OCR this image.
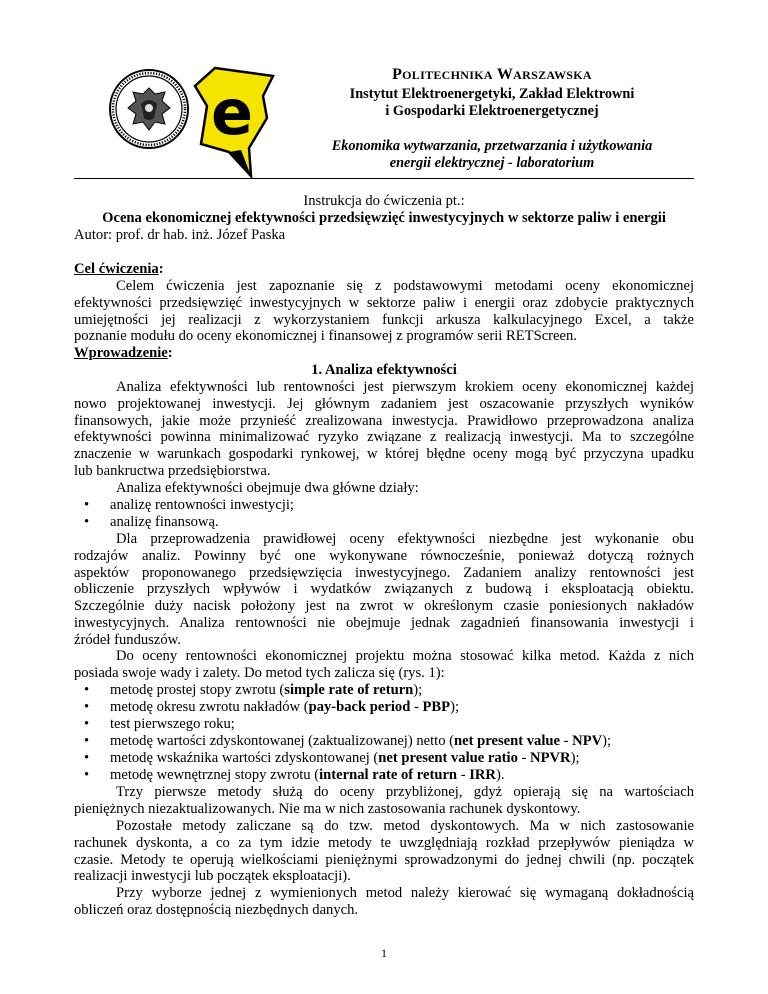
e
POLITECHNIKA WARSZAWSKA
Instytut Elektroenergetyki, Zakład Elektrowni
i Gospodarki Elektroenergetycznej
Ekonomika wytwarzania, przetwarzania i użytkowania
energii elektrycznej - laboratorium
Instrukcja do ćwiczenia pt.:
Ocena ekonomicznej efektywności przedsięwzięć inwestycyjnych w sektorze paliw i energii
Autor: prof. dr hab. inż. Józef Paska
Cel ćwiczenia:
Celem ćwiczenia jest zapoznanie się z podstawowymi metodami oceny ekonomicznej
efektywności przedsięwzięć inwestycyjnych w sektorze paliw i energii oraz zdobycie praktycznych
umiejętności jej realizacji z wykorzystaniem funkcji arkusza kalkulacyjnego Excel, a także
poznanie modułu do oceny ekonomicznej i finansowej z programów serii RETScreen.
Wprowadzenie:
1. Analiza efektywności
Analiza efektywności lub rentowności jest pierwszym krokiem oceny ekonomicznej każdej
nowo projektowanej inwestycji. Jej głównym zadaniem jest oszacowanie przyszłych wyników
finansowych, jakie może przynieść zrealizowana inwestycja. Prawidłowo przeprowadzona analiza
efektywności powinna minimalizować ryzyko związane z realizacją inwestycji. Ma to szczególne
znaczenie w warunkach gospodarki rynkowej, w której błędne oceny mogą być przyczyna upadku
lub bankructwa przedsiębiorstwa.
Analiza efektywności obejmuje dwa główne działy:
• analizę rentowności inwestycji;
• analizę finansową.
Dla przeprowadzenia prawidłowej oceny efektywności niezbędne jest wykonanie obu
rodzajów analiz. Powinny być one wykonywane równocześnie, ponieważ dotyczą rożnych
aspektów proponowanego przedsięwzięcia inwestycyjnego. Zadaniem analizy rentowności jest
obliczenie przyszłych wpływów i wydatków związanych z budową i eksploatacją obiektu.
Szczególnie duży nacisk położony jest na zwrot w określonym czasie poniesionych nakładów
inwestycyjnych. Analiza rentowności nie obejmuje jednak zagadnień finansowania inwestycji i
źródeł funduszów.
Do oceny rentowności ekonomicznej projektu można stosować kilka metod. Każda z nich
posiada swoje wady i zalety. Do metod tych zalicza się (rys. 1):
• metodę prostej stopy zwrotu (simple rate of return);
• metodę okresu zwrotu nakładów (pay-back period - PBP);
• test pierwszego roku;
• metodę wartości zdyskontowanej (zaktualizowanej) netto (net present value - NPV);
• metodę wskaźnika wartości zdyskontowanej (net present value ratio - NPVR);
• metodę wewnętrznej stopy zwrotu (internal rate of return - IRR).
Trzy pierwsze metody służą do oceny przybliżonej, gdyż opierają się na wartościach
pieniężnych niezaktualizowanych. Nie ma w nich zastosowania rachunek dyskontowy.
Pozostałe metody zaliczane są do tzw. metod dyskontowych. Ma w nich zastosowanie
rachunek dyskonta, a co za tym idzie metody te uwzględniają rozkład przepływów pieniądza w
czasie. Metody te operują wielkościami pieniężnymi sprowadzonymi do jednej chwili (np. początek
realizacji inwestycji lub początek eksploatacji).
Przy wyborze jednej z wymienionych metod należy kierować się wymaganą dokładnością
obliczeń oraz dostępnością niezbędnych danych.
1
